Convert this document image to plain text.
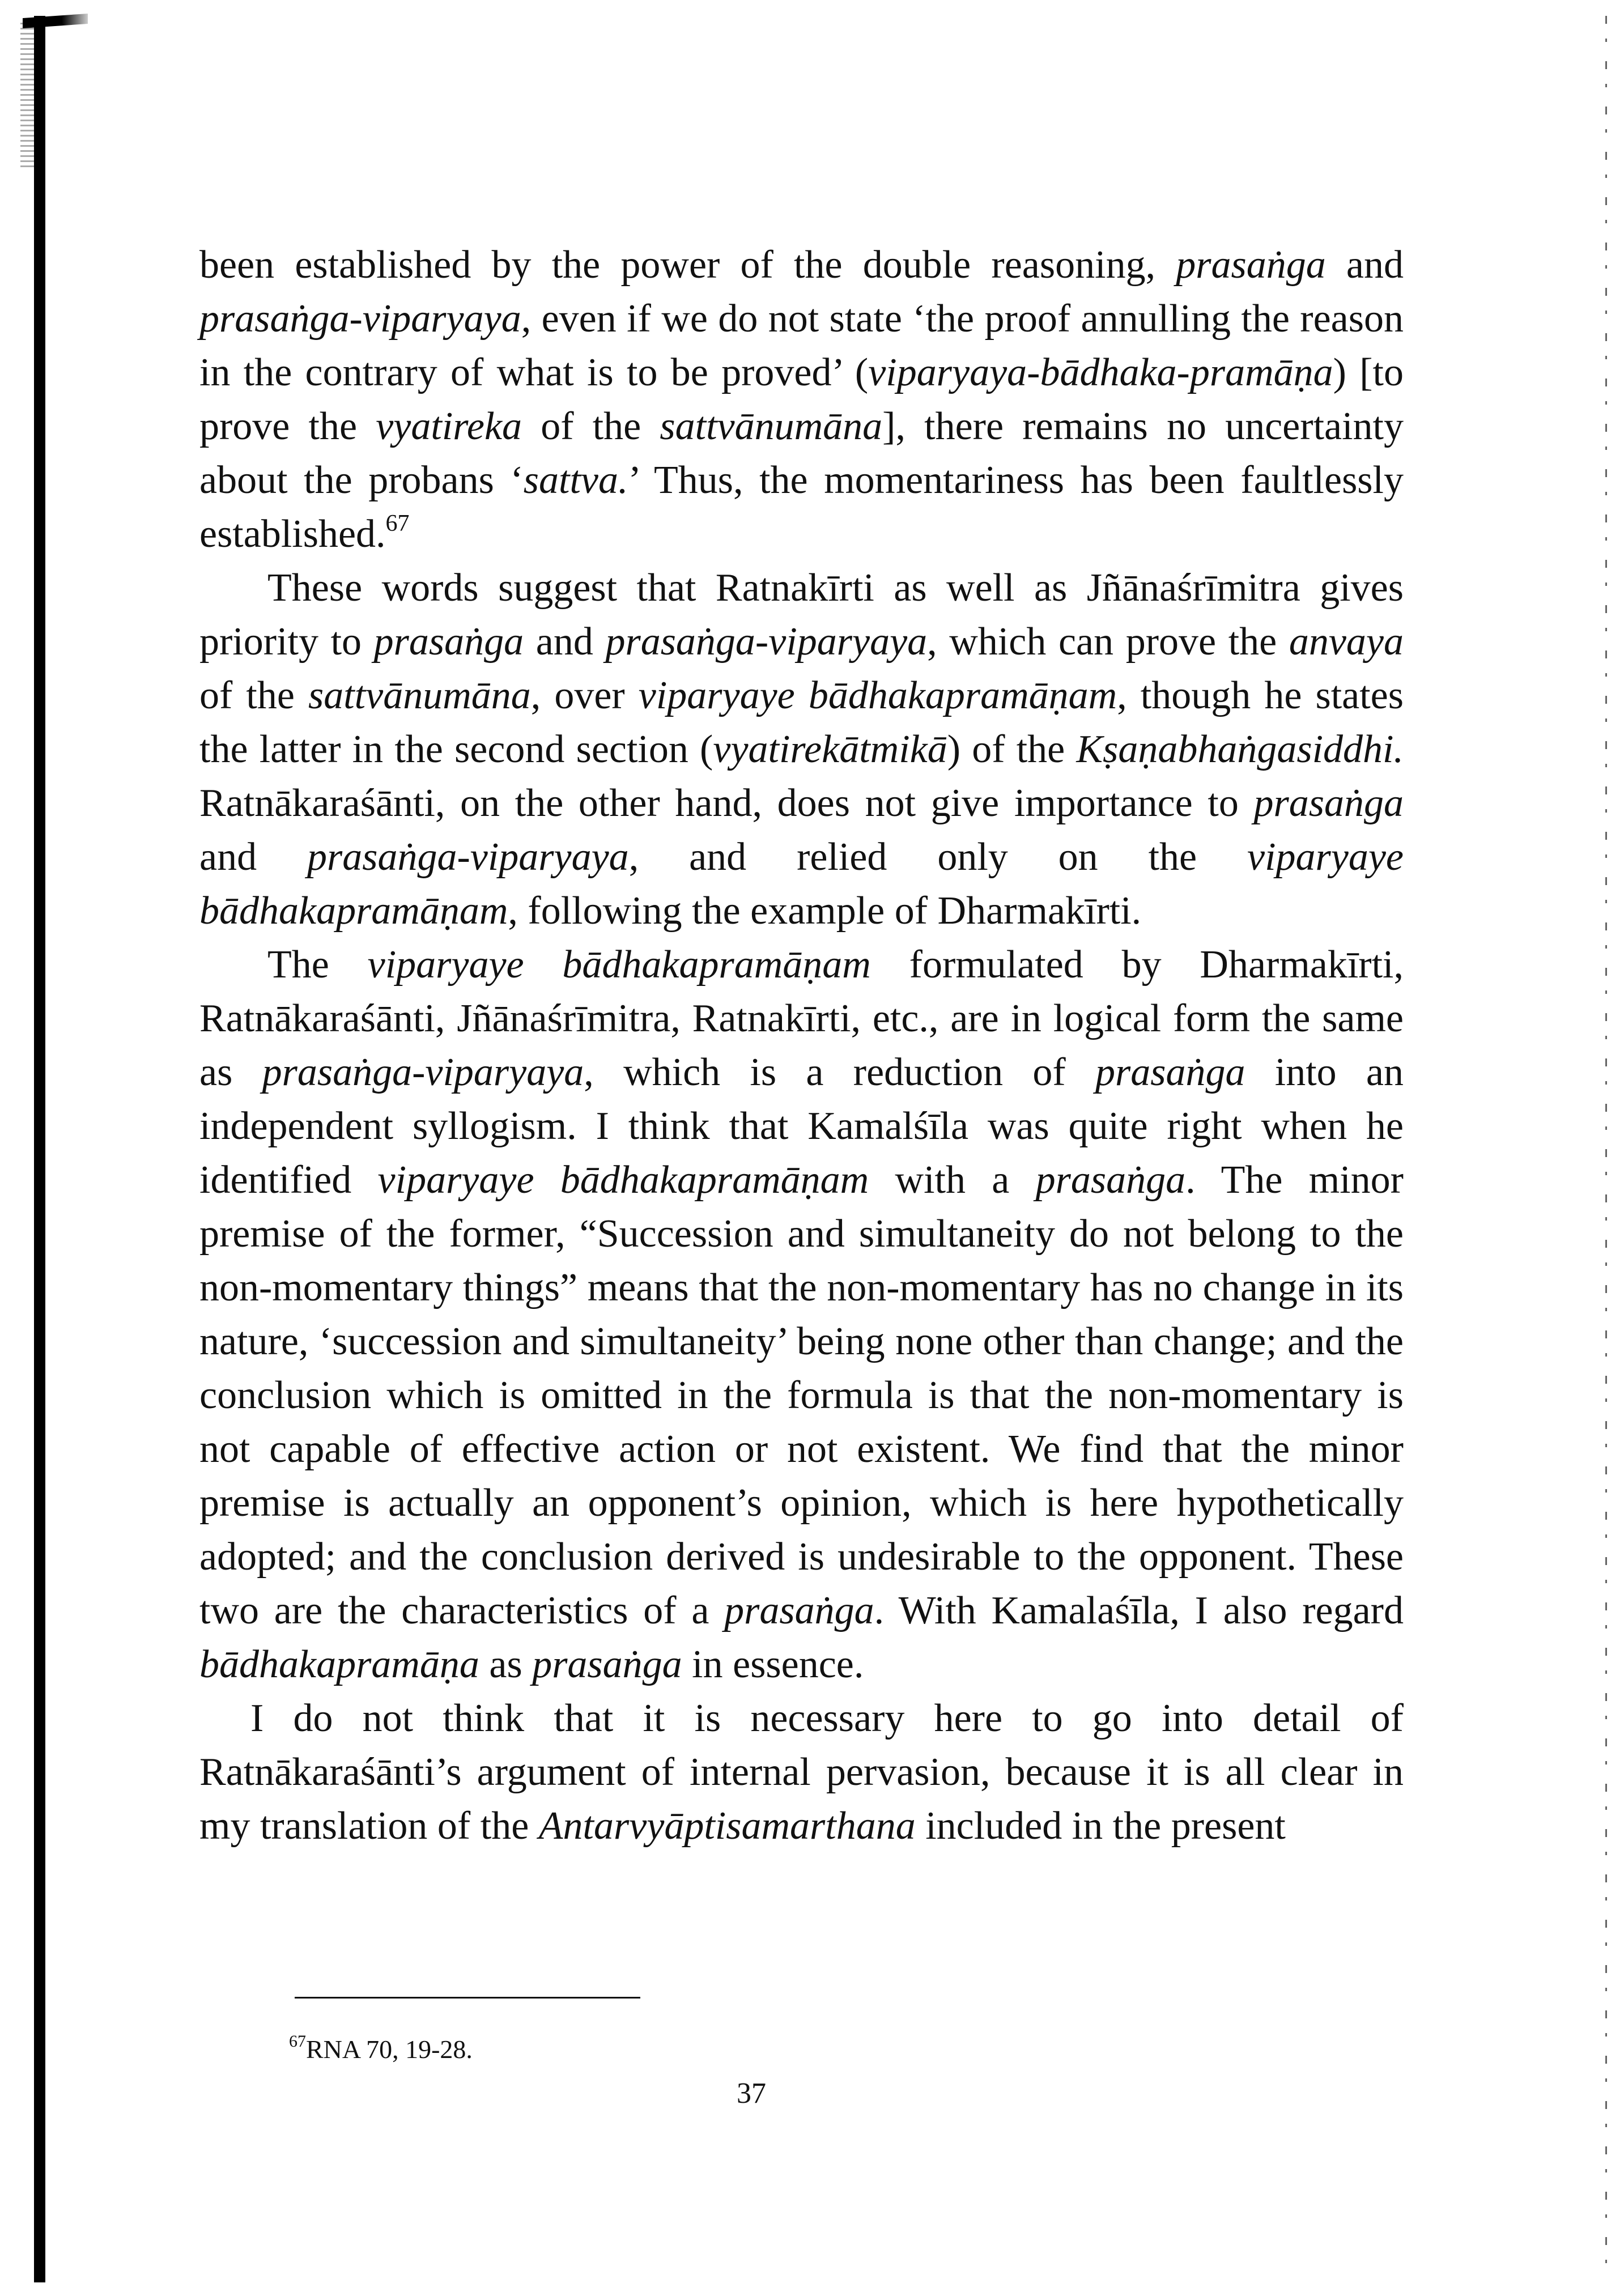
been established by the power of the double reasoning, prasaṅga and prasaṅga-viparyaya, even if we do not state ‘the proof annulling the reason in the contrary of what is to be proved’ (viparyaya-bādhaka-pramāṇa) [to prove the vyatireka of the sattvānumāna], there remains no uncertainty about the probans ‘sattva.’ Thus, the momentariness has been faultlessly established.$^{67}$

These words suggest that Ratnakīrti as well as Jñānaśrīmitra gives priority to prasaṅga and prasaṅga-viparyaya, which can prove the anvaya of the sattvānumāna, over viparyaye bādhakapramāṇam, though he states the latter in the second section (vyatirekātmikā) of the Kṣaṇabhaṅgasiddhi. Ratnākaraśānti, on the other hand, does not give importance to prasaṅga and prasaṅga-viparyaya, and relied only on the viparyaye bādhakapramāṇam, following the example of Dharmakīrti.

The viparyaye bādhakapramāṇam formulated by Dharmakīrti, Ratnākaraśānti, Jñānaśrīmitra, Ratnakīrti, etc., are in logical form the same as prasaṅga-viparyaya, which is a reduction of prasaṅga into an independent syllogism. I think that Kamalśīla was quite right when he identified viparyaye bādhakapramāṇam with a prasaṅga. The minor premise of the former, “Succession and simultaneity do not belong to the non-momentary things” means that the non-momentary has no change in its nature, ‘succession and simultaneity’ being none other than change; and the conclusion which is omitted in the formula is that the non-momentary is not capable of effective action or not existent. We find that the minor premise is actually an opponent’s opinion, which is here hypothetically adopted; and the conclusion derived is undesirable to the opponent. These two are the characteristics of a prasaṅga. With Kamalaśīla, I also regard bādhakapramāṇa as prasaṅga in essence.

I do not think that it is necessary here to go into detail of Ratnākaraśānti’s argument of internal pervasion, because it is all clear in my translation of the Antarvyāptisamarthana included in the present

$^{67}$RNA 70, 19-28.
37
